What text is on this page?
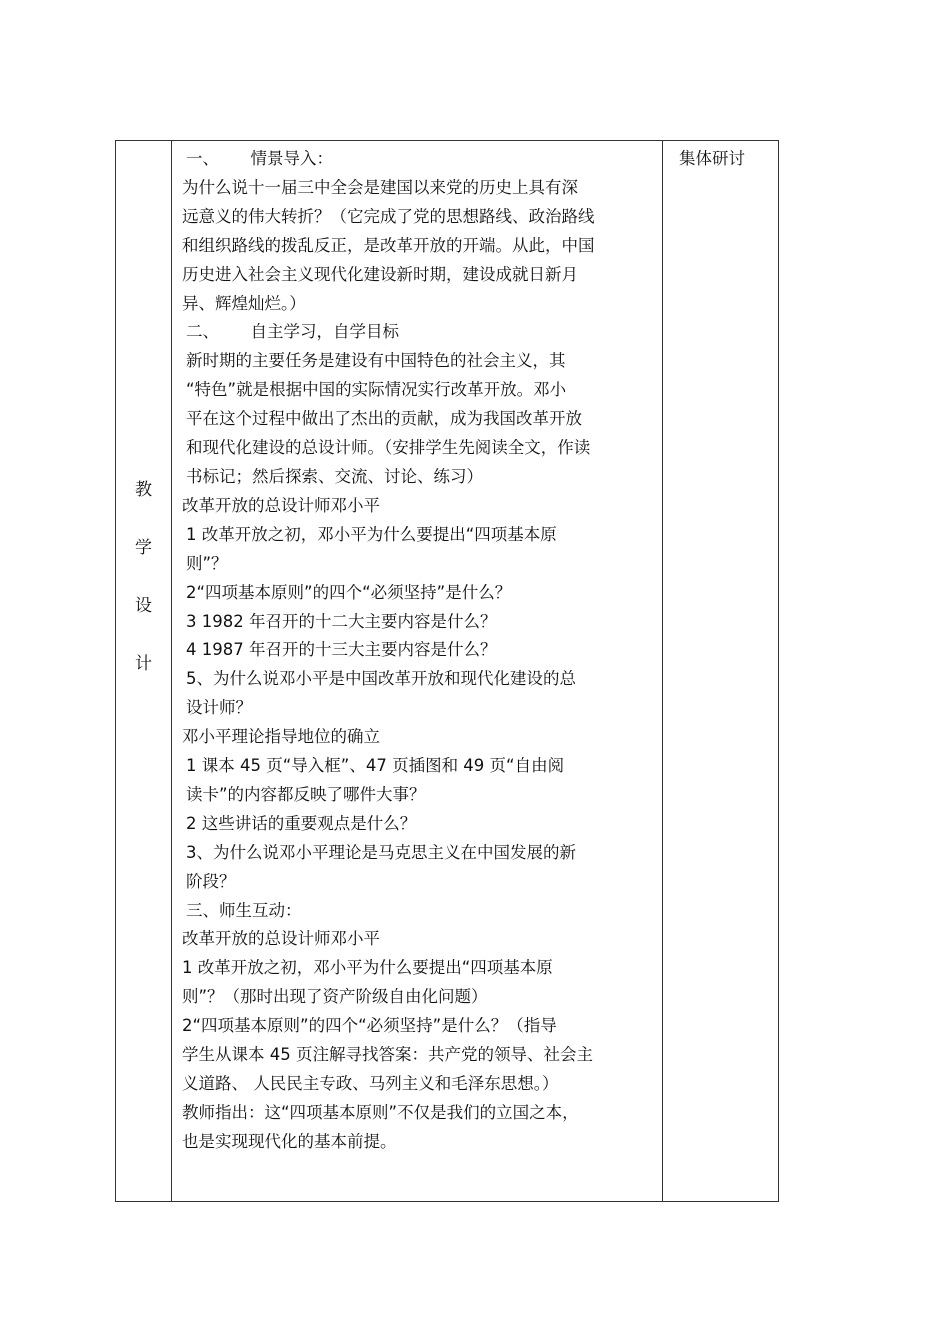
教
学
设
计

一、      情景导入：

为什么说十一届三中全会是建国以来党的历史上具有深

远意义的伟大转折？（它完成了党的思想路线、政治路线

和组织路线的拨乱反正，是改革开放的开端。从此，中国

历史进入社会主义现代化建设新时期，建设成就日新月

异、辉煌灿烂。）

二、      自主学习，自学目标

新时期的主要任务是建设有中国特色的社会主义，其

“特色”就是根据中国的实际情况实行改革开放。邓小

平在这个过程中做出了杰出的贡献，成为我国改革开放

和现代化建设的总设计师。（安排学生先阅读全文，作读

书标记；然后探索、交流、讨论、练习）

改革开放的总设计师邓小平

1 改革开放之初，邓小平为什么要提出“四项基本原

则”？

2“四项基本原则”的四个“必须坚持”是什么？

3 1982 年召开的十二大主要内容是什么？

4 1987 年召开的十三大主要内容是什么？

5、为什么说邓小平是中国改革开放和现代化建设的总

设计师？

邓小平理论指导地位的确立

1 课本 45 页“导入框”、47 页插图和 49 页“自由阅

读卡”的内容都反映了哪件大事？

2 这些讲话的重要观点是什么？

3、为什么说邓小平理论是马克思主义在中国发展的新

阶段？

三、师生互动：

改革开放的总设计师邓小平

1 改革开放之初，邓小平为什么要提出“四项基本原

则”？（那时出现了资产阶级自由化问题）

2“四项基本原则”的四个“必须坚持”是什么？（指导

学生从课本 45 页注解寻找答案：共产党的领导、社会主

义道路、 人民民主专政、马列主义和毛泽东思想。）

教师指出：这“四项基本原则”不仅是我们的立国之本，

也是实现现代化的基本前提。

集体研讨
